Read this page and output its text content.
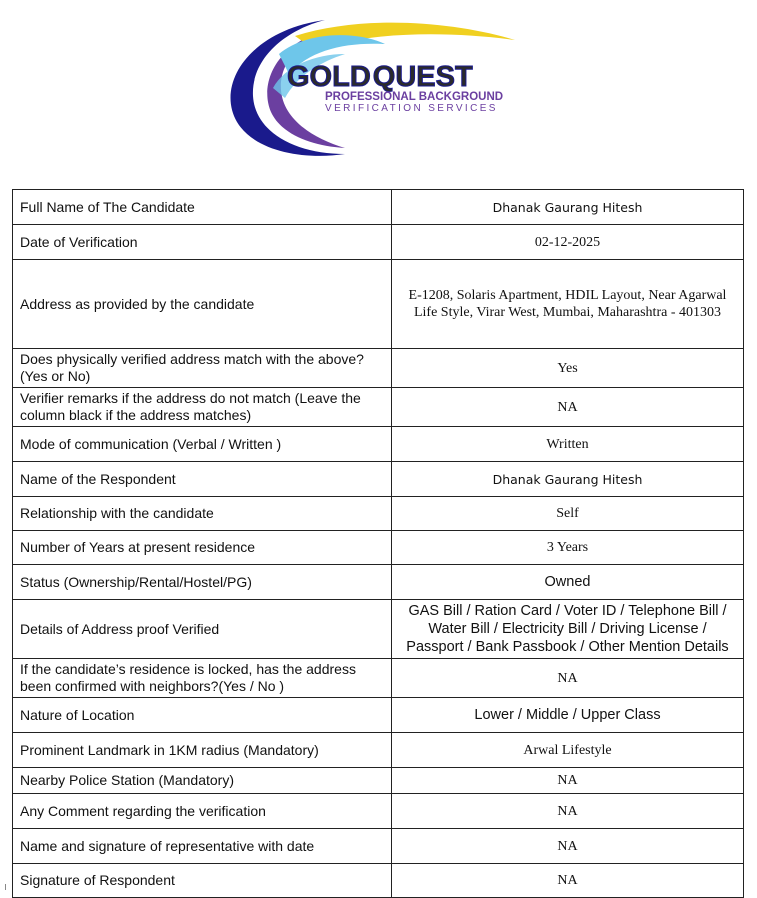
GOLDQUEST
PROFESSIONAL BACKGROUND
VERIFICATION SERVICES
Full Name of The Candidate	Dhanak Gaurang Hitesh
Date of Verification	02-12-2025
Address as provided by the candidate	E-1208, Solaris Apartment, HDIL Layout, Near Agarwal Life Style, Virar West, Mumbai, Maharashtra - 401303
Does physically verified address match with the above?(Yes or No)	Yes
Verifier remarks if the address do not match (Leave the column black if the address matches)	NA
Mode of communication (Verbal / Written )	Written
Name of the Respondent	Dhanak Gaurang Hitesh
Relationship with the candidate	Self
Number of Years at present residence	3 Years
Status (Ownership/Rental/Hostel/PG)	Owned
Details of Address proof Verified	GAS Bill / Ration Card / Voter ID / Telephone Bill / Water Bill / Electricity Bill / Driving License / Passport / Bank Passbook / Other Mention Details
If the candidate’s residence is locked, has the address been confirmed with neighbors?(Yes / No )	NA
Nature of Location	Lower / Middle / Upper Class
Prominent Landmark in 1KM radius (Mandatory)	Arwal Lifestyle
Nearby Police Station (Mandatory)	NA
Any Comment regarding the verification	NA
Name and signature of representative with date	NA
Signature of Respondent	NA
